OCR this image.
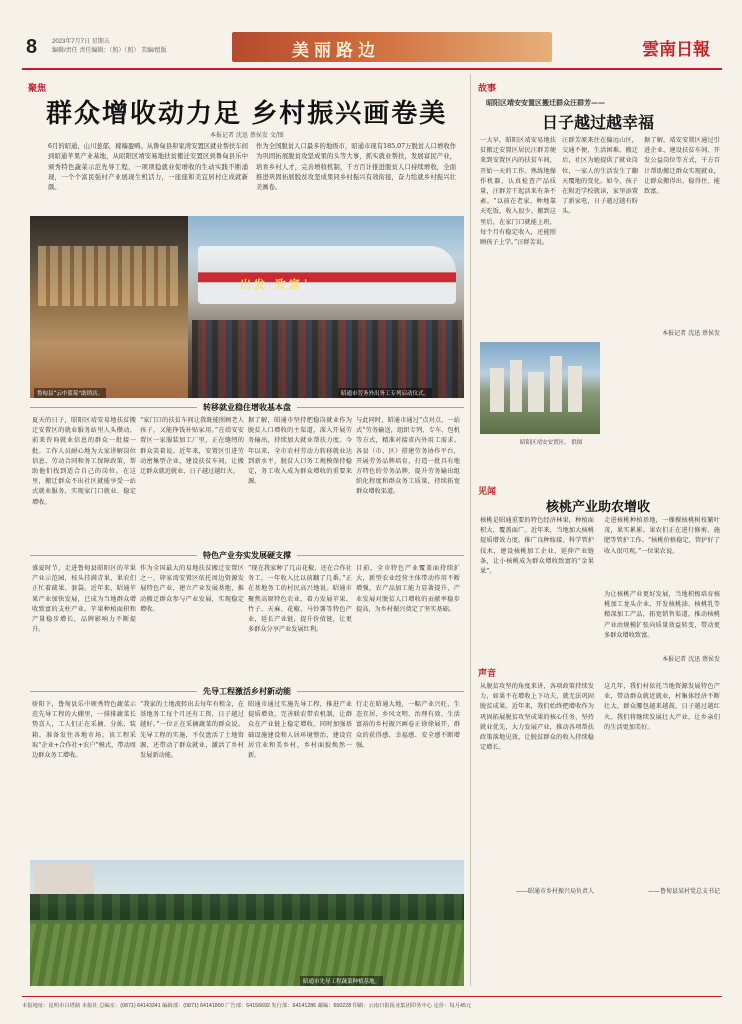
8 2023年7月7日 星期五
编辑/责任 责任编辑：（照）（照） 美编/组版	美丽路边	雲南日報
聚焦
群众增收动力足 乡村振兴画卷美
本报记者 沈迅 蔡侯发 文/图
6月的昭通，山川葱郁，稼穑盈畴。从鲁甸县卯家湾安置区就业帮扶车间到昭通苹果产业基地，从昭阳区靖安易地扶贫搬迁安置区到鲁甸县乐中颁秀特色蔬菜示范先导工程，一项项稳就业促增收的生动实践不断涌现，一个个富民强村产业展现生机活力，一座座和美宜居村庄成就新颜。
作为全国脱贫人口最多的地级市，昭通市现有185.07万脱贫人口增收作为巩固拓展脱贫攻坚成果的头等大事，抓实就业帮扶，发展富民产业，培育乡村人才，完善增收机制，千方百计推进脱贫人口持续增收，全面推进巩固拓展脱贫攻坚成果同乡村振兴有效衔接，奋力绘就乡村振兴壮美画卷。
出发·致富！
鲁甸县“云中蓝莓”助销店。	昭通市劳务外出务工专列启动仪式。
转移就业稳住增收基本盘
夏天的日子，昭阳区靖安易地扶贫搬迁安置区的就业服务站里人头攒动，前来咨询就业信息的群众一批接一批。工作人员耐心地为大家讲解岗位信息、劳动合同和务工保障政策，帮助他们找到适合自己的岗位。在这里，搬迁群众不出社区就能享受一站式就业服务，实现家门口就业、稳定增收。
“家门口的扶贫车间让我既能照顾老人孩子，又能挣钱补贴家用。”在靖安安置区一家服装加工厂里，正在缝纫的群众笑着说。近年来，安置区引进劳动密集型企业，建设扶贫车间，让搬迁群众就近就业，日子越过越红火。
据了解，昭通市坚持把稳岗就业作为脱贫人口增收的主渠道，深入开展劳务输出，持续加大就业帮扶力度。今年以来，全市农村劳动力转移就业达到新水平，脱贫人口务工规模保持稳定，务工收入成为群众增收的重要来源。
与此同时，昭通市通过“点对点、一站式”劳务输送，组织专列、专车、包机等方式，精准对接省内外用工需求。各县（市、区）搭建劳务协作平台，开展劳务品牌培育，打造一批具有地方特色的劳务品牌，提升劳务输出组织化程度和群众务工质量，持续拓宽群众增收渠道。
特色产业夯实发展硬支撑
盛夏时节，走进鲁甸县昭阳区的苹果产业示范园，枝头挂满青果，果农们正忙着疏果、套袋。近年来，昭通苹果产业加快发展，已成为当地群众增收致富的支柱产业。苹果种植面积和产量稳步增长，品牌影响力不断提升。
作为全国最大的易地扶贫搬迁安置区之一，卯家湾安置区依托周边资源发展特色产业，建立产业发展基地，推动搬迁群众参与产业发展，实现稳定增收。
“现在我家种了几亩花椒，还在合作社务工，一年收入比以前翻了几番。”正在基地务工的村民高兴地说。昭通市聚焦高原特色农业，着力发展苹果、竹子、天麻、花椒、马铃薯等特色产业，延长产业链，提升价值链，让更多群众分享产业发展红利。
目前，全市特色产业覆盖面持续扩大，新型农业经营主体带动作用不断增强，农产品加工能力显著提升，产业发展对脱贫人口增收的贡献率稳步提高，为乡村振兴奠定了坚实基础。
先导工程激活乡村新动能
骄阳下，鲁甸县乐中颁秀特色蔬菜示范先导工程的大棚里，一排排蔬菜长势喜人，工人们正在采摘、分拣、装箱，准备发往各地市场。该工程采取“企业+合作社+农户”模式，带动周边群众务工增收。
“我家的土地流转出去每年有租金，在基地务工每个月还有工资，日子越过越好。”一位正在采摘蔬菜的群众说。先导工程的实施，不仅盘活了土地资源，还带动了群众就业，激活了乡村发展新动能。
昭通市通过实施先导工程，推进产业提质增效，完善联农带农机制，让群众在产业链上稳定增收。同时加强基础设施建设和人居环境整治，建设宜居宜业和美乡村，乡村面貌焕然一新。
行走在昭通大地，一幅产业兴旺、生态宜居、乡风文明、治理有效、生活富裕的乡村振兴画卷正徐徐展开，群众的获得感、幸福感、安全感不断增强。
昭通市先导工程蔬菜种植基地。
故事
昭阳区靖安安置区搬迁群众汪群芳——
日子越过越幸福
一大早，昭阳区靖安易地扶贫搬迁安置区居民汪群芳便来到安置区内的扶贫车间，开始一天的工作。熟练地操作机器、认真检查产品质量，汪群芳干起活来有条不紊。“以前在老家，种地靠天吃饭，收入很少。搬到这里后，在家门口就能上班，每个月有稳定收入，还能照顾孩子上学。”汪群芳说。
汪群芳原来住在偏远山区，交通不便，生活困难。搬迁后，社区为她提供了就业岗位，一家人的生活发生了翻天覆地的变化。如今，孩子在附近学校就读，家里添置了新家电，日子越过越有盼头。
据了解，靖安安置区通过引进企业、建设扶贫车间、开发公益岗位等方式，千方百计帮助搬迁群众实现就业，让群众搬得出、稳得住、能致富。
本报记者 沈迅 蔡侯发
昭阳区靖安安置区。 供图
见闻
核桃产业助农增收
核桃是昭通重要的特色经济林果，种植面积大、覆盖面广。近年来，当地加大核桃提质增效力度，推广良种嫁接、科学管护技术，建设核桃加工企业，延伸产业链条，让小核桃成为群众增收致富的“金果果”。
走进核桃种植基地，一棵棵核桃树枝繁叶茂，果实累累。果农们正在进行修剪、施肥等管护工作。“核桃价格稳定，管护好了收入很可观。”一位果农说。
为让核桃产业更好发展，当地积极培育核桃加工龙头企业，开发核桃油、核桃乳等精深加工产品，拓宽销售渠道，推动核桃产业由规模扩张向质量效益转变，带动更多群众增收致富。
本报记者 沈迅 蔡侯发
声音
从脱贫攻坚的角度来讲，各项政策持续发力，如果不在增收上下功夫，就无法巩固脱贫成果。近年来，我们始终把增收作为巩固拓展脱贫攻坚成果的核心任务，坚持就业优先，大力发展产业，推动各项帮扶政策落地见效，让脱贫群众的收入持续稳定增长。
——昭通市乡村振兴局负责人
这几年，我们村依托当地资源发展特色产业，带动群众就近就业，村集体经济不断壮大，群众腰包越来越鼓，日子越过越红火。我们将继续发展壮大产业，让乡亲们的生活更加美好。
——鲁甸县某村党总支书记
本报地址：昆明市白塔路 本报社 总编室：(0871) 64143341 编辑部：(0871) 64141890 广告部：64156692 发行部：64141286 邮编：650228 印刷：云南日报报业集团印务中心 定价：每月45元
